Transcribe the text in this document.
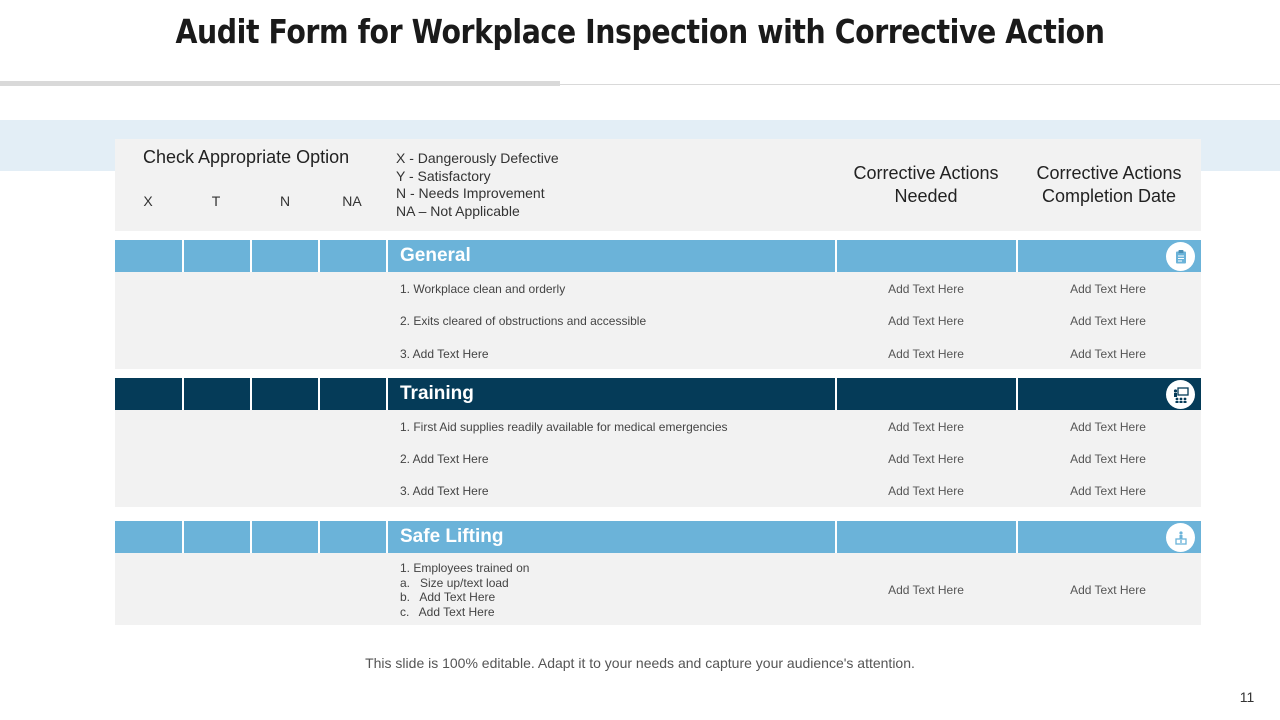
Audit Form for Workplace Inspection with Corrective Action
Check Appropriate Option
X	T	N	NA
X - Dangerously Defective
Y - Satisfactory
N - Needs Improvement
NA – Not Applicable
Corrective Actions
Needed
Corrective Actions
Completion Date
General
1. Workplace clean and orderly	Add Text Here	Add Text Here
2. Exits cleared of obstructions and accessible	Add Text Here	Add Text Here
3. Add Text Here	Add Text Here	Add Text Here
Training
1. First Aid supplies readily available for medical emergencies	Add Text Here	Add Text Here
2. Add Text Here	Add Text Here	Add Text Here
3. Add Text Here	Add Text Here	Add Text Here
Safe Lifting
1. Employees trained on
a.   Size up/text load
b.   Add Text Here
c.   Add Text Here
Add Text Here	Add Text Here
This slide is 100% editable. Adapt it to your needs and capture your audience's attention.
11
